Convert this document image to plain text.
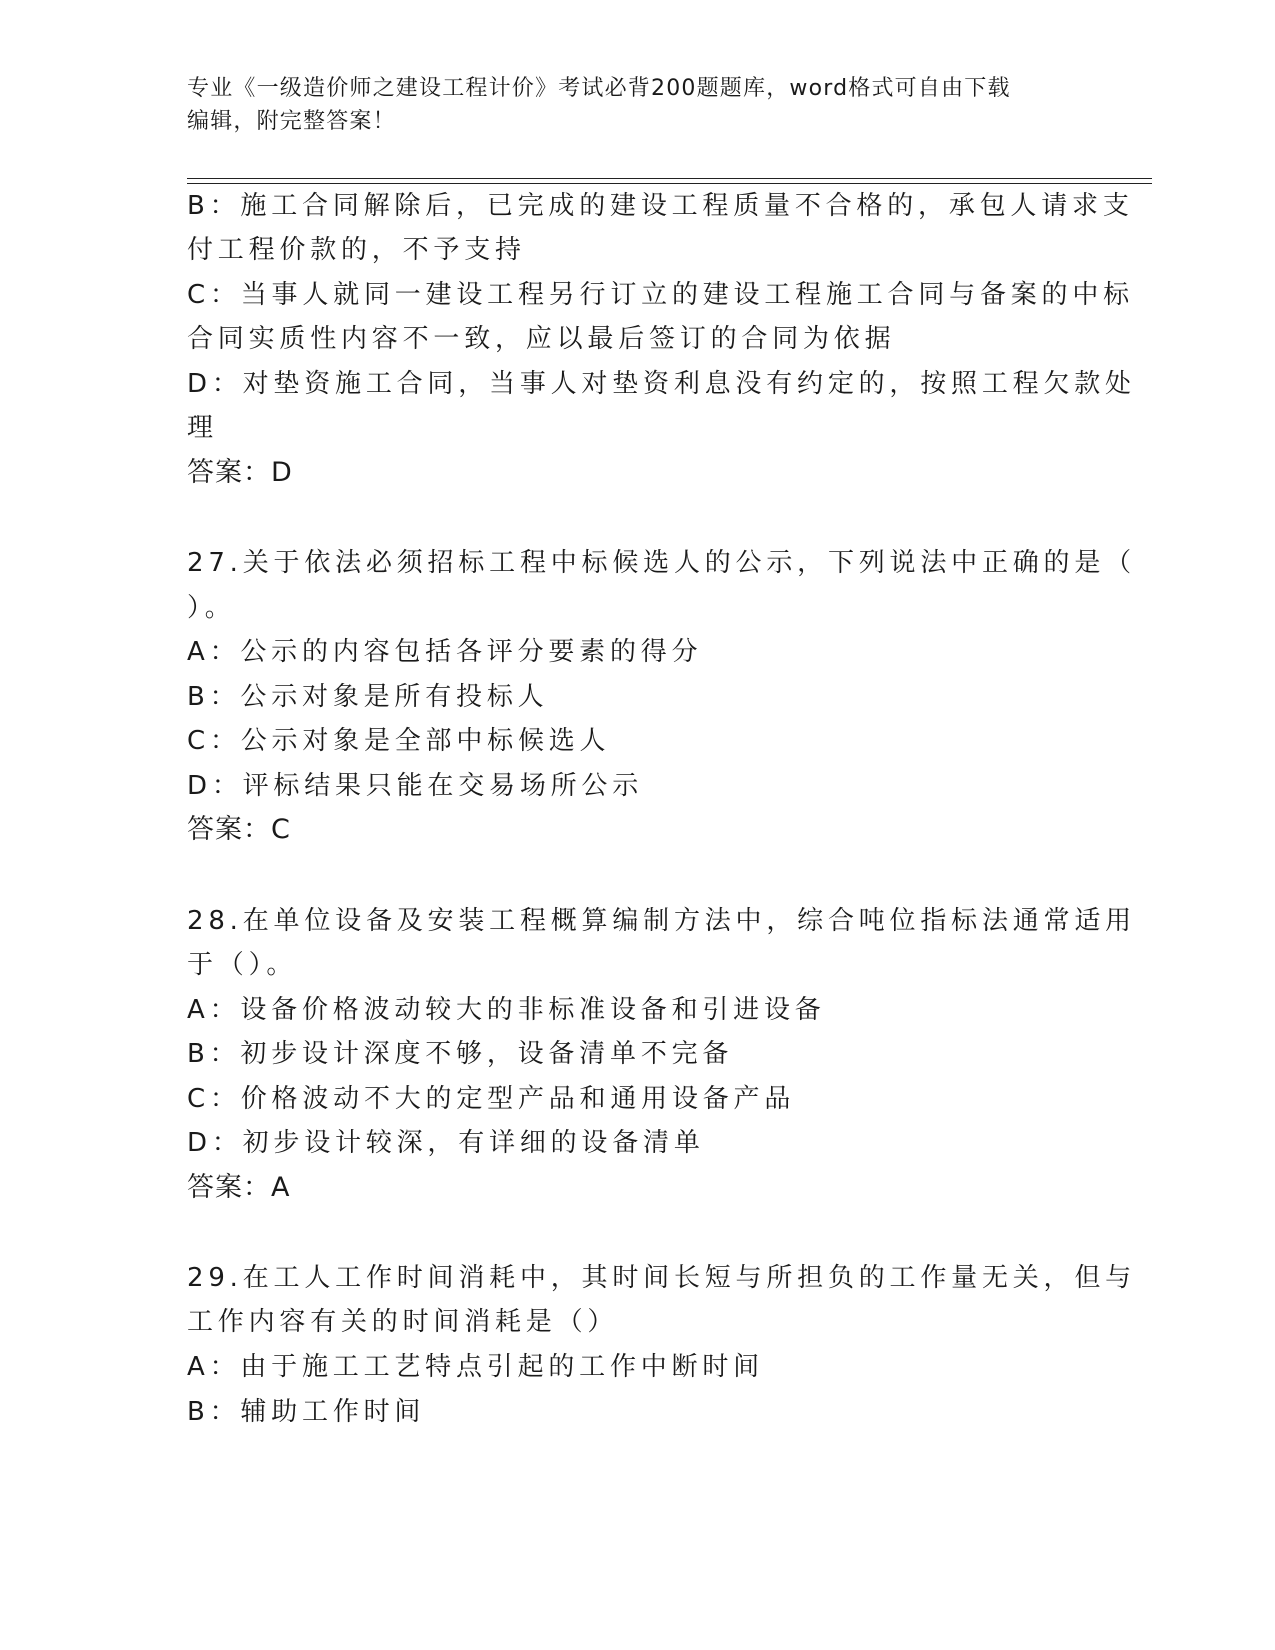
专业《一级造价师之建设工程计价》考试必背200题题库，word格式可自由下载
编辑，附完整答案！
B：施工合同解除后，已完成的建设工程质量不合格的，承包人请求支
付工程价款的，不予支持
C：当事人就同一建设工程另行订立的建设工程施工合同与备案的中标
合同实质性内容不一致，应以最后签订的合同为依据
D：对垫资施工合同，当事人对垫资利息没有约定的，按照工程欠款处
理
答案：D
27.关于依法必须招标工程中标候选人的公示，下列说法中正确的是（
）。
A：公示的内容包括各评分要素的得分
B：公示对象是所有投标人
C：公示对象是全部中标候选人
D：评标结果只能在交易场所公示
答案：C
28.在单位设备及安装工程概算编制方法中，综合吨位指标法通常适用
于（）。
A：设备价格波动较大的非标准设备和引进设备
B：初步设计深度不够，设备清单不完备
C：价格波动不大的定型产品和通用设备产品
D：初步设计较深，有详细的设备清单
答案：A
29.在工人工作时间消耗中，其时间长短与所担负的工作量无关，但与
工作内容有关的时间消耗是（）
A：由于施工工艺特点引起的工作中断时间
B：辅助工作时间
